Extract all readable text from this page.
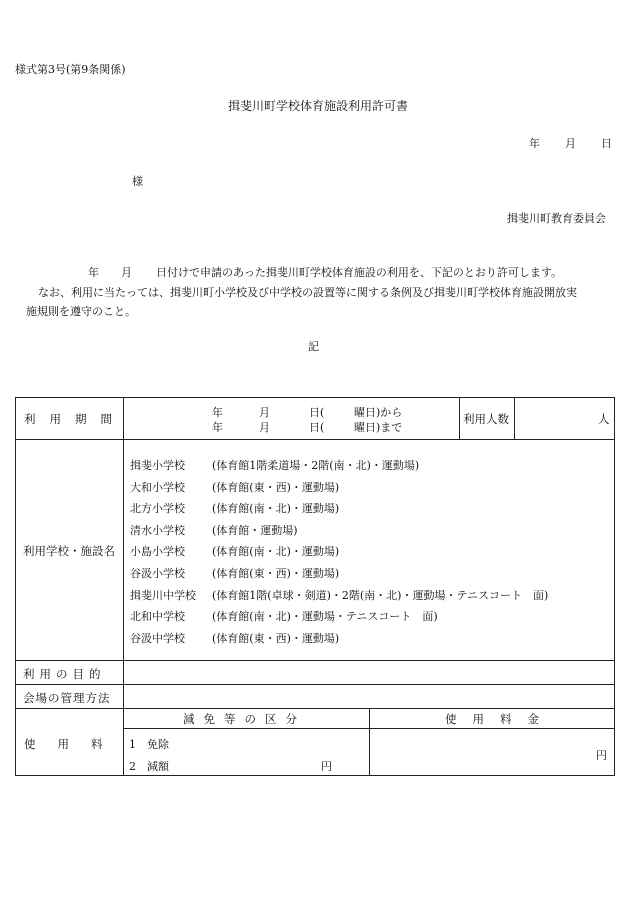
様式第3号(第9条関係)
揖斐川町学校体育施設利用許可書
年 月 日
様
揖斐川町教育委員会
年 月 日付けで申請のあった揖斐川町学校体育施設の利用を、下記のとおり許可します。
なお、利用に当たっては、揖斐川町小学校及び中学校の設置等に関する条例及び揖斐川町学校体育施設開放実
施規則を遵守のこと。
記
利用期間	年	月	日(	曜日)から
年	月	日(	曜日)まで
利用人数	人
利用学校・施設名
揖斐小学校 (体育館1階柔道場・2階(南・北)・運動場)
大和小学校 (体育館(東・西)・運動場)
北方小学校 (体育館(南・北)・運動場)
清水小学校 (体育館・運動場)
小島小学校 (体育館(南・北)・運動場)
谷汲小学校 (体育館(東・西)・運動場)
揖斐川中学校 (体育館1階(卓球・剣道)・2階(南・北)・運動場・テニスコート　面)
北和中学校 (体育館(南・北)・運動場・テニスコート　面)
谷汲中学校 (体育館(東・西)・運動場)
利用の目的
会場の管理方法
使用料
減免等の区分	使用料金
1　免除
2　減額	円
円
